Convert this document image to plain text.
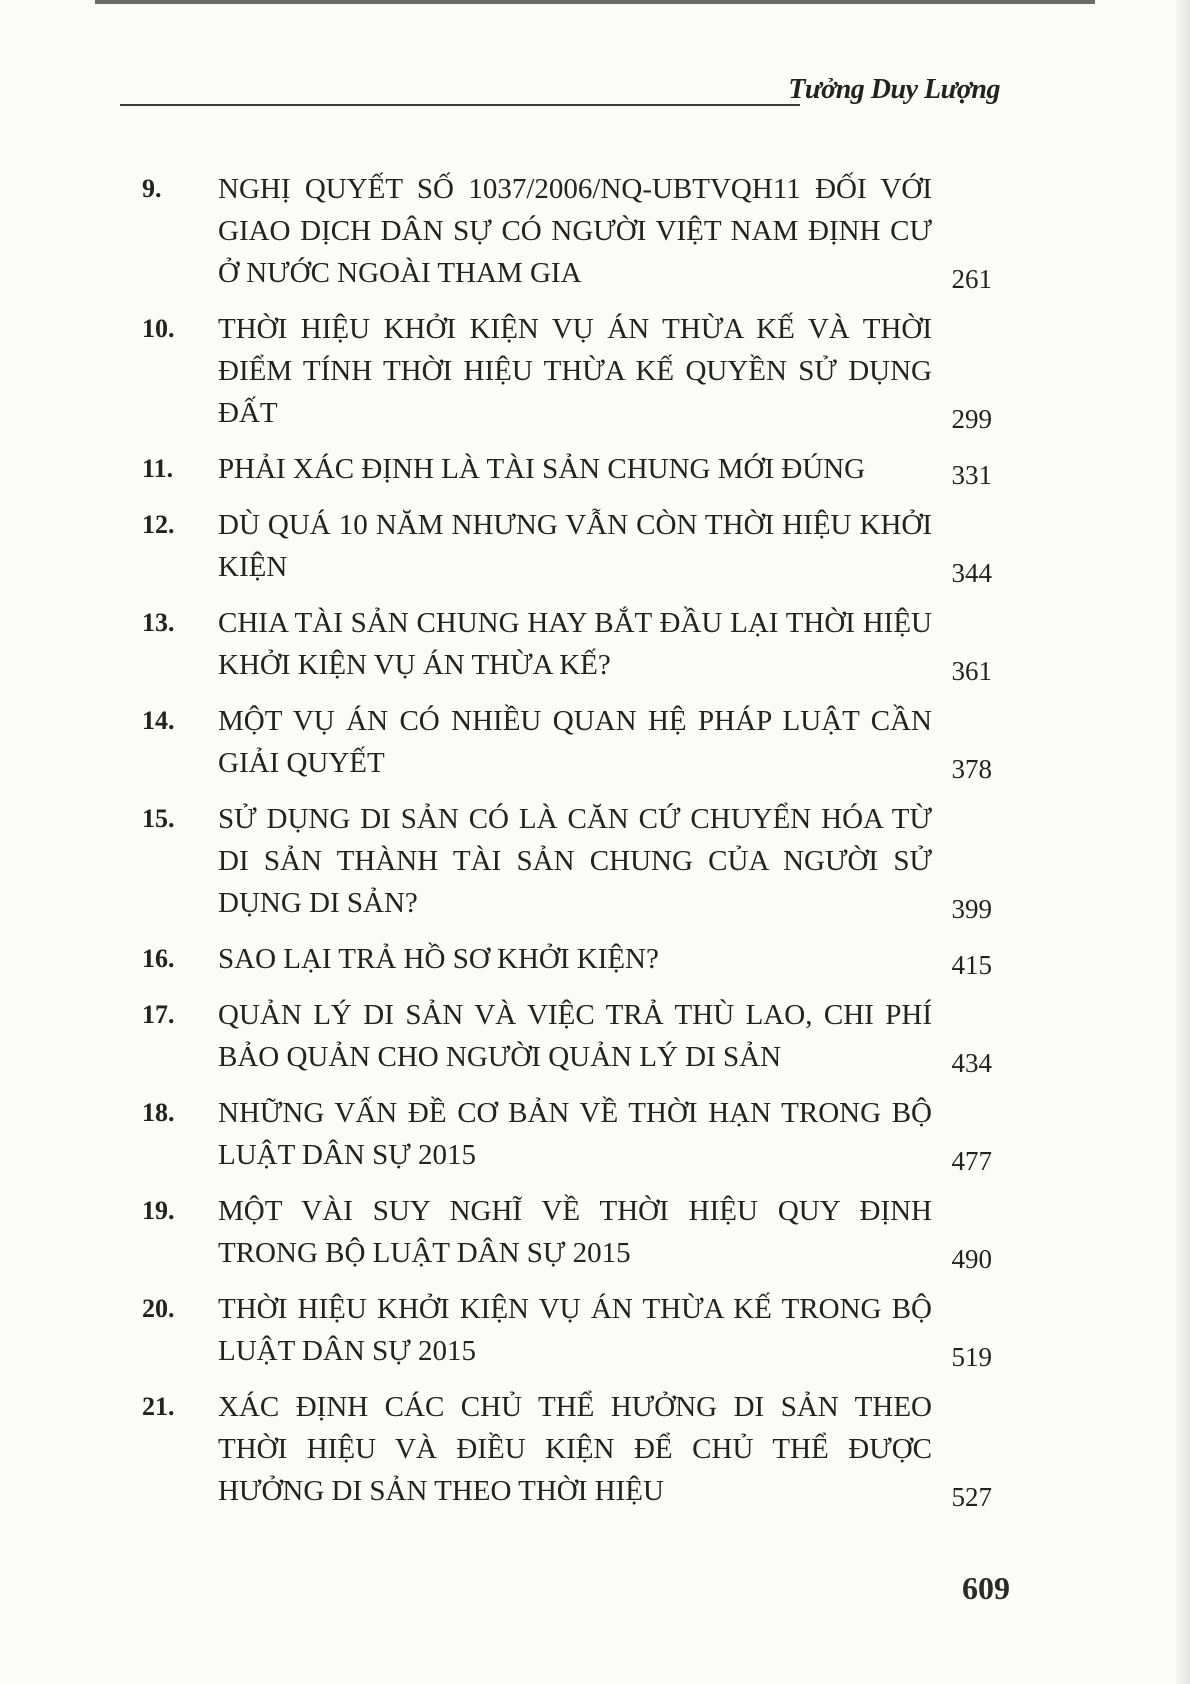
Tưởng Duy Lượng
9.	NGHỊ QUYẾT SỐ 1037/2006/NQ-UBTVQH11 ĐỐI VỚI GIAO DỊCH DÂN SỰ CÓ NGƯỜI VIỆT NAM ĐỊNH CƯ Ở NƯỚC NGOÀI THAM GIA	261
10.	THỜI HIỆU KHỞI KIỆN VỤ ÁN THỪA KẾ VÀ THỜI ĐIỂM TÍNH THỜI HIỆU THỪA KẾ QUYỀN SỬ DỤNG ĐẤT	299
11.	PHẢI XÁC ĐỊNH LÀ TÀI SẢN CHUNG MỚI ĐÚNG	331
12.	DÙ QUÁ 10 NĂM NHƯNG VẪN CÒN THỜI HIỆU KHỞI KIỆN	344
13.	CHIA TÀI SẢN CHUNG HAY BẮT ĐẦU LẠI THỜI HIỆU KHỞI KIỆN VỤ ÁN THỪA KẾ?	361
14.	MỘT VỤ ÁN CÓ NHIỀU QUAN HỆ PHÁP LUẬT CẦN GIẢI QUYẾT	378
15.	SỬ DỤNG DI SẢN CÓ LÀ CĂN CỨ CHUYỂN HÓA TỪ DI SẢN THÀNH TÀI SẢN CHUNG CỦA NGƯỜI SỬ DỤNG DI SẢN?	399
16.	SAO LẠI TRẢ HỒ SƠ KHỞI KIỆN?	415
17.	QUẢN LÝ DI SẢN VÀ VIỆC TRẢ THÙ LAO, CHI PHÍ BẢO QUẢN CHO NGƯỜI QUẢN LÝ DI SẢN	434
18.	NHỮNG VẤN ĐỀ CƠ BẢN VỀ THỜI HẠN TRONG BỘ LUẬT DÂN SỰ 2015	477
19.	MỘT VÀI SUY NGHĨ VỀ THỜI HIỆU QUY ĐỊNH TRONG BỘ LUẬT DÂN SỰ 2015	490
20.	THỜI HIỆU KHỞI KIỆN VỤ ÁN THỪA KẾ TRONG BỘ LUẬT DÂN SỰ 2015	519
21.	XÁC ĐỊNH CÁC CHỦ THỂ HƯỞNG DI SẢN THEO THỜI HIỆU VÀ ĐIỀU KIỆN ĐỂ CHỦ THỂ ĐƯỢC HƯỞNG DI SẢN THEO THỜI HIỆU	527
609
